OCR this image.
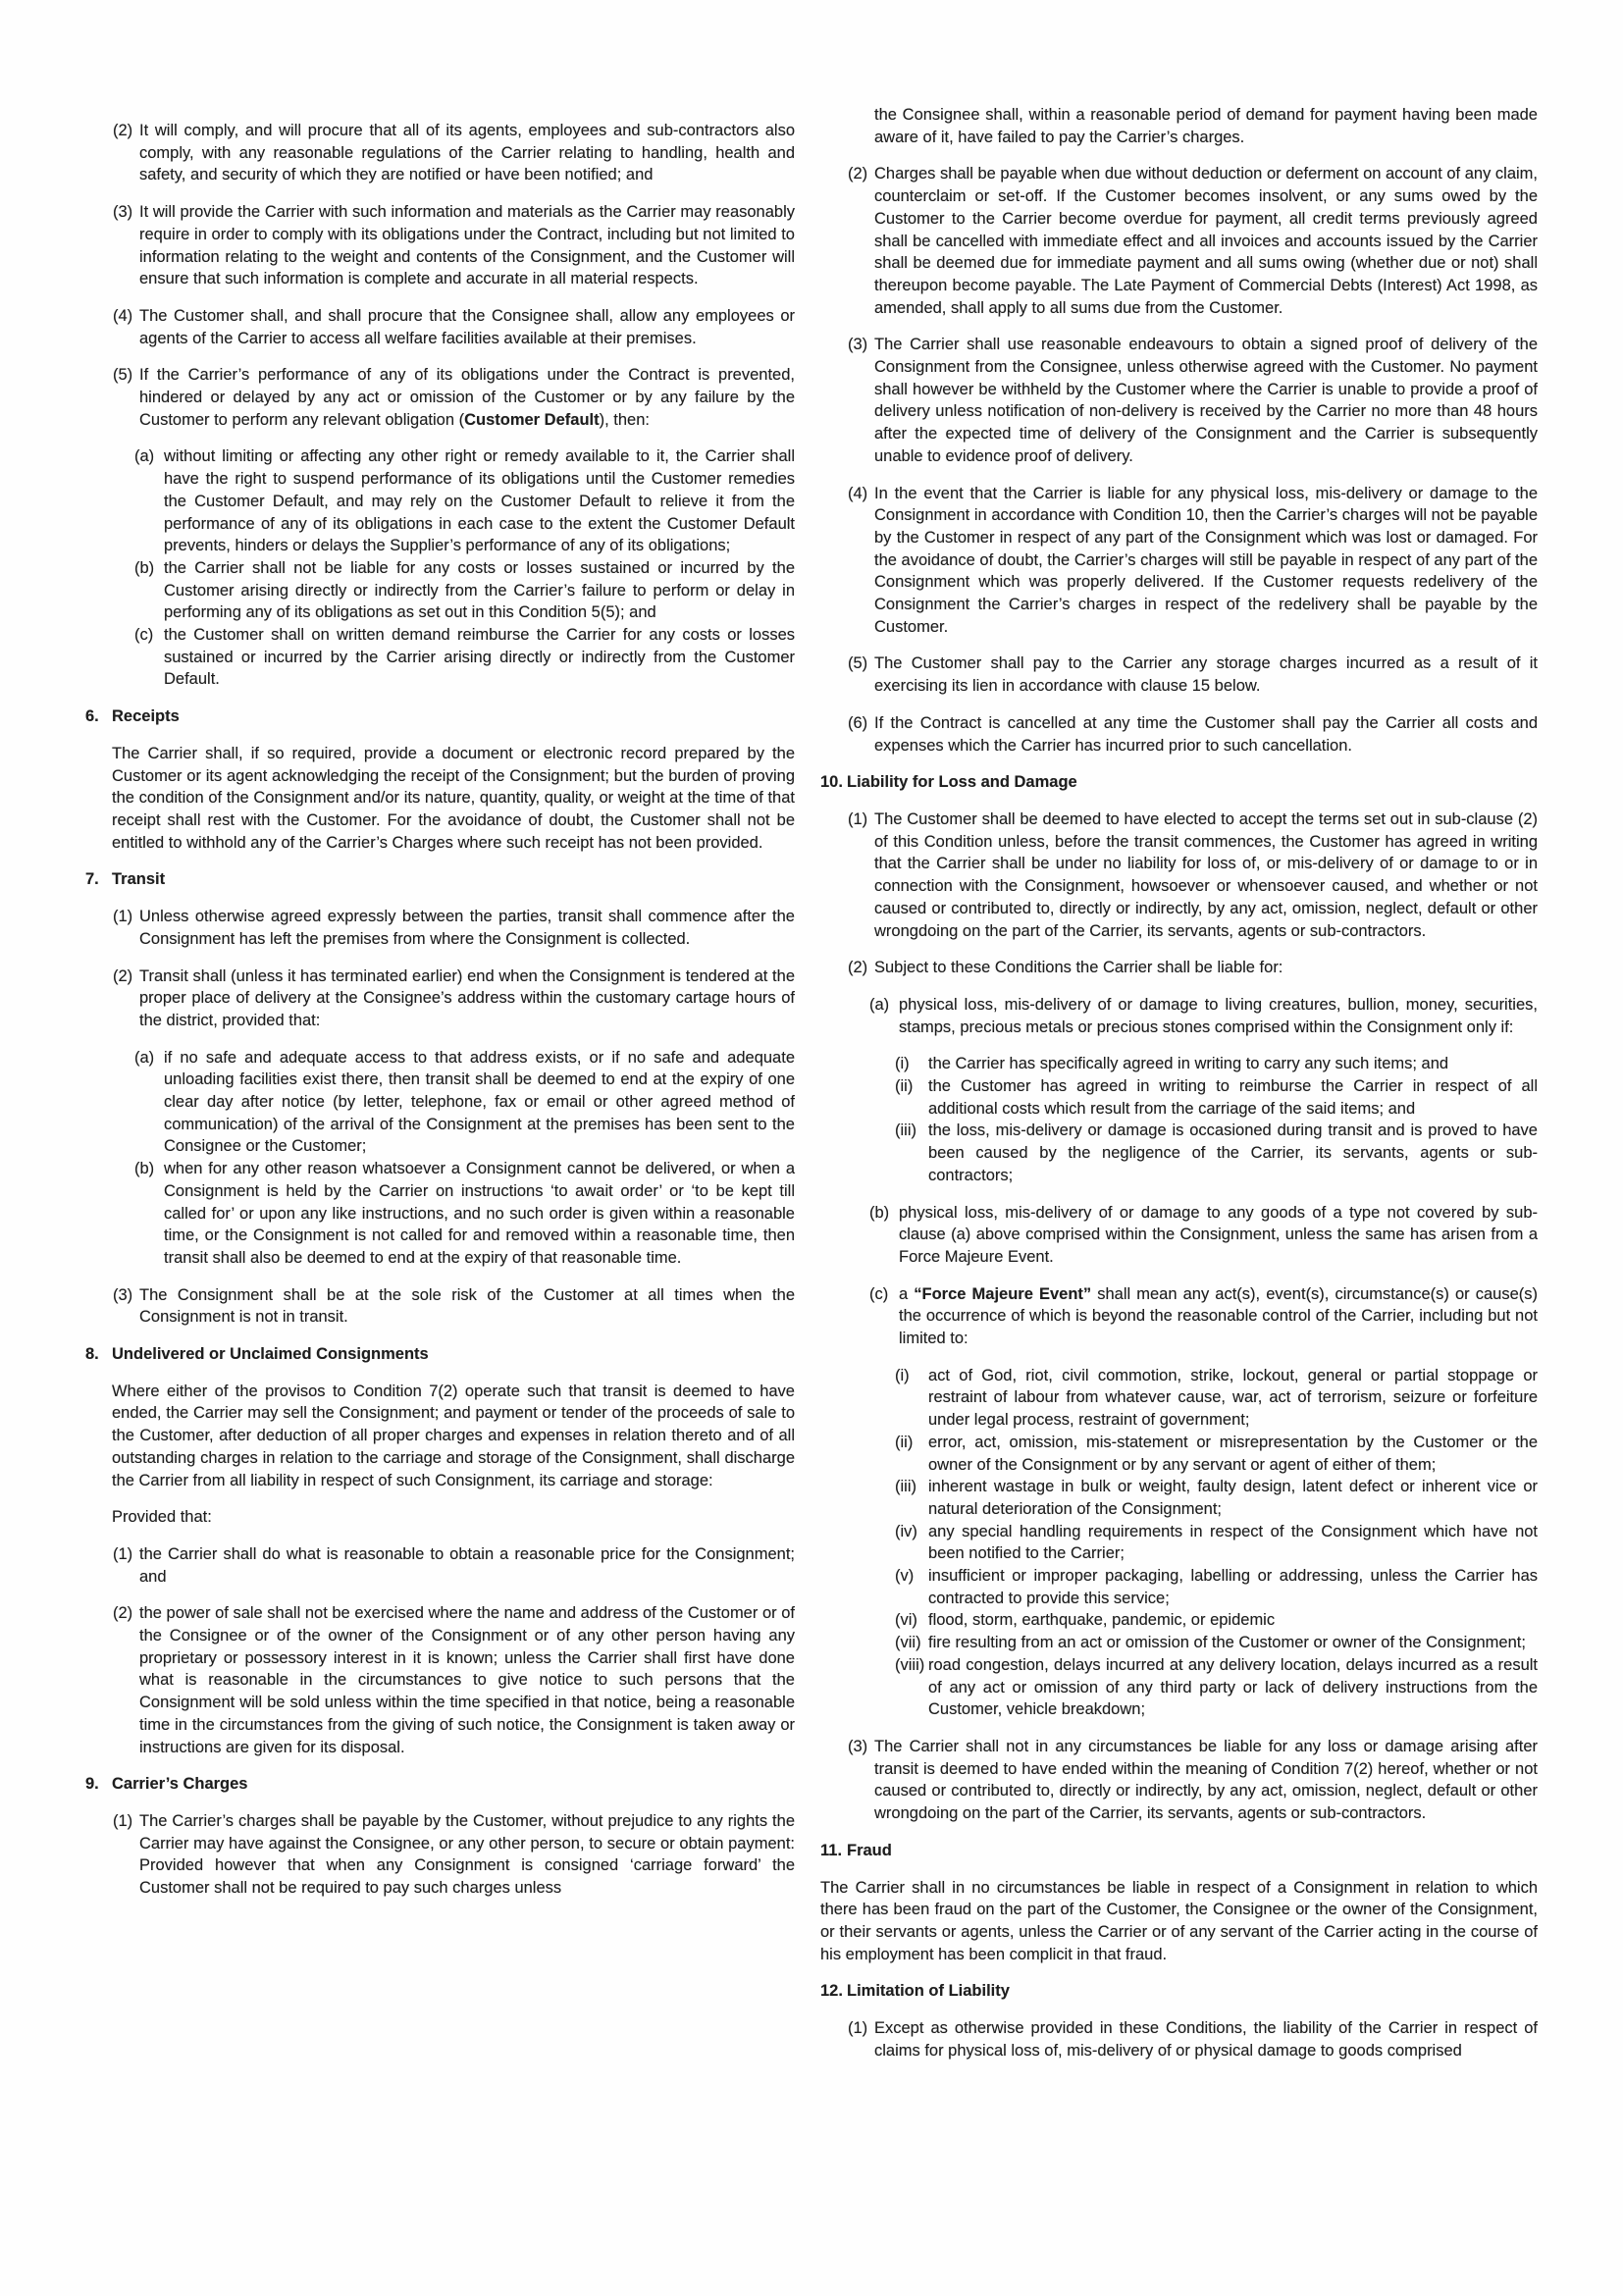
(2) It will comply, and will procure that all of its agents, employees and sub-contractors also comply, with any reasonable regulations of the Carrier relating to handling, health and safety, and security of which they are notified or have been notified; and
(3) It will provide the Carrier with such information and materials as the Carrier may reasonably require in order to comply with its obligations under the Contract, including but not limited to information relating to the weight and contents of the Consignment, and the Customer will ensure that such information is complete and accurate in all material respects.
(4) The Customer shall, and shall procure that the Consignee shall, allow any employees or agents of the Carrier to access all welfare facilities available at their premises.
(5) If the Carrier’s performance of any of its obligations under the Contract is prevented, hindered or delayed by any act or omission of the Customer or by any failure by the Customer to perform any relevant obligation (Customer Default), then:
(a) without limiting or affecting any other right or remedy available to it, the Carrier shall have the right to suspend performance of its obligations until the Customer remedies the Customer Default, and may rely on the Customer Default to relieve it from the performance of any of its obligations in each case to the extent the Customer Default prevents, hinders or delays the Supplier’s performance of any of its obligations;
(b) the Carrier shall not be liable for any costs or losses sustained or incurred by the Customer arising directly or indirectly from the Carrier’s failure to perform or delay in performing any of its obligations as set out in this Condition 5(5); and
(c) the Customer shall on written demand reimburse the Carrier for any costs or losses sustained or incurred by the Carrier arising directly or indirectly from the Customer Default.
6. Receipts
The Carrier shall, if so required, provide a document or electronic record prepared by the Customer or its agent acknowledging the receipt of the Consignment; but the burden of proving the condition of the Consignment and/or its nature, quantity, quality, or weight at the time of that receipt shall rest with the Customer. For the avoidance of doubt, the Customer shall not be entitled to withhold any of the Carrier’s Charges where such receipt has not been provided.
7. Transit
(1) Unless otherwise agreed expressly between the parties, transit shall commence after the Consignment has left the premises from where the Consignment is collected.
(2) Transit shall (unless it has terminated earlier) end when the Consignment is tendered at the proper place of delivery at the Consignee’s address within the customary cartage hours of the district, provided that:
(a) if no safe and adequate access to that address exists, or if no safe and adequate unloading facilities exist there, then transit shall be deemed to end at the expiry of one clear day after notice (by letter, telephone, fax or email or other agreed method of communication) of the arrival of the Consignment at the premises has been sent to the Consignee or the Customer;
(b) when for any other reason whatsoever a Consignment cannot be delivered, or when a Consignment is held by the Carrier on instructions ‘to await order’ or ‘to be kept till called for’ or upon any like instructions, and no such order is given within a reasonable time, or the Consignment is not called for and removed within a reasonable time, then transit shall also be deemed to end at the expiry of that reasonable time.
(3) The Consignment shall be at the sole risk of the Customer at all times when the Consignment is not in transit.
8. Undelivered or Unclaimed Consignments
Where either of the provisos to Condition 7(2) operate such that transit is deemed to have ended, the Carrier may sell the Consignment; and payment or tender of the proceeds of sale to the Customer, after deduction of all proper charges and expenses in relation thereto and of all outstanding charges in relation to the carriage and storage of the Consignment, shall discharge the Carrier from all liability in respect of such Consignment, its carriage and storage:
Provided that:
(1) the Carrier shall do what is reasonable to obtain a reasonable price for the Consignment; and
(2) the power of sale shall not be exercised where the name and address of the Customer or of the Consignee or of the owner of the Consignment or of any other person having any proprietary or possessory interest in it is known; unless the Carrier shall first have done what is reasonable in the circumstances to give notice to such persons that the Consignment will be sold unless within the time specified in that notice, being a reasonable time in the circumstances from the giving of such notice, the Consignment is taken away or instructions are given for its disposal.
9. Carrier’s Charges
(1) The Carrier’s charges shall be payable by the Customer, without prejudice to any rights the Carrier may have against the Consignee, or any other person, to secure or obtain payment: Provided however that when any Consignment is consigned ‘carriage forward’ the Customer shall not be required to pay such charges unless
the Consignee shall, within a reasonable period of demand for payment having been made aware of it, have failed to pay the Carrier’s charges.
(2) Charges shall be payable when due without deduction or deferment on account of any claim, counterclaim or set-off. If the Customer becomes insolvent, or any sums owed by the Customer to the Carrier become overdue for payment, all credit terms previously agreed shall be cancelled with immediate effect and all invoices and accounts issued by the Carrier shall be deemed due for immediate payment and all sums owing (whether due or not) shall thereupon become payable. The Late Payment of Commercial Debts (Interest) Act 1998, as amended, shall apply to all sums due from the Customer.
(3) The Carrier shall use reasonable endeavours to obtain a signed proof of delivery of the Consignment from the Consignee, unless otherwise agreed with the Customer. No payment shall however be withheld by the Customer where the Carrier is unable to provide a proof of delivery unless notification of non-delivery is received by the Carrier no more than 48 hours after the expected time of delivery of the Consignment and the Carrier is subsequently unable to evidence proof of delivery.
(4) In the event that the Carrier is liable for any physical loss, mis-delivery or damage to the Consignment in accordance with Condition 10, then the Carrier’s charges will not be payable by the Customer in respect of any part of the Consignment which was lost or damaged. For the avoidance of doubt, the Carrier’s charges will still be payable in respect of any part of the Consignment which was properly delivered. If the Customer requests redelivery of the Consignment the Carrier’s charges in respect of the redelivery shall be payable by the Customer.
(5) The Customer shall pay to the Carrier any storage charges incurred as a result of it exercising its lien in accordance with clause 15 below.
(6) If the Contract is cancelled at any time the Customer shall pay the Carrier all costs and expenses which the Carrier has incurred prior to such cancellation.
10. Liability for Loss and Damage
(1) The Customer shall be deemed to have elected to accept the terms set out in sub-clause (2) of this Condition unless, before the transit commences, the Customer has agreed in writing that the Carrier shall be under no liability for loss of, or mis-delivery of or damage to or in connection with the Consignment, howsoever or whensoever caused, and whether or not caused or contributed to, directly or indirectly, by any act, omission, neglect, default or other wrongdoing on the part of the Carrier, its servants, agents or sub-contractors.
(2) Subject to these Conditions the Carrier shall be liable for:
(a) physical loss, mis-delivery of or damage to living creatures, bullion, money, securities, stamps, precious metals or precious stones comprised within the Consignment only if:
(i) the Carrier has specifically agreed in writing to carry any such items; and
(ii) the Customer has agreed in writing to reimburse the Carrier in respect of all additional costs which result from the carriage of the said items; and
(iii) the loss, mis-delivery or damage is occasioned during transit and is proved to have been caused by the negligence of the Carrier, its servants, agents or sub-contractors;
(b) physical loss, mis-delivery of or damage to any goods of a type not covered by sub-clause (a) above comprised within the Consignment, unless the same has arisen from a Force Majeure Event.
(c) a “Force Majeure Event” shall mean any act(s), event(s), circumstance(s) or cause(s) the occurrence of which is beyond the reasonable control of the Carrier, including but not limited to:
(i) act of God, riot, civil commotion, strike, lockout, general or partial stoppage or restraint of labour from whatever cause, war, act of terrorism, seizure or forfeiture under legal process, restraint of government;
(ii) error, act, omission, mis-statement or misrepresentation by the Customer or the owner of the Consignment or by any servant or agent of either of them;
(iii) inherent wastage in bulk or weight, faulty design, latent defect or inherent vice or natural deterioration of the Consignment;
(iv) any special handling requirements in respect of the Consignment which have not been notified to the Carrier;
(v) insufficient or improper packaging, labelling or addressing, unless the Carrier has contracted to provide this service;
(vi) flood, storm, earthquake, pandemic, or epidemic
(vii) fire resulting from an act or omission of the Customer or owner of the Consignment;
(viii) road congestion, delays incurred at any delivery location, delays incurred as a result of any act or omission of any third party or lack of delivery instructions from the Customer, vehicle breakdown;
(3) The Carrier shall not in any circumstances be liable for any loss or damage arising after transit is deemed to have ended within the meaning of Condition 7(2) hereof, whether or not caused or contributed to, directly or indirectly, by any act, omission, neglect, default or other wrongdoing on the part of the Carrier, its servants, agents or sub-contractors.
11. Fraud
The Carrier shall in no circumstances be liable in respect of a Consignment in relation to which there has been fraud on the part of the Customer, the Consignee or the owner of the Consignment, or their servants or agents, unless the Carrier or of any servant of the Carrier acting in the course of his employment has been complicit in that fraud.
12. Limitation of Liability
(1) Except as otherwise provided in these Conditions, the liability of the Carrier in respect of claims for physical loss of, mis-delivery of or physical damage to goods comprised
